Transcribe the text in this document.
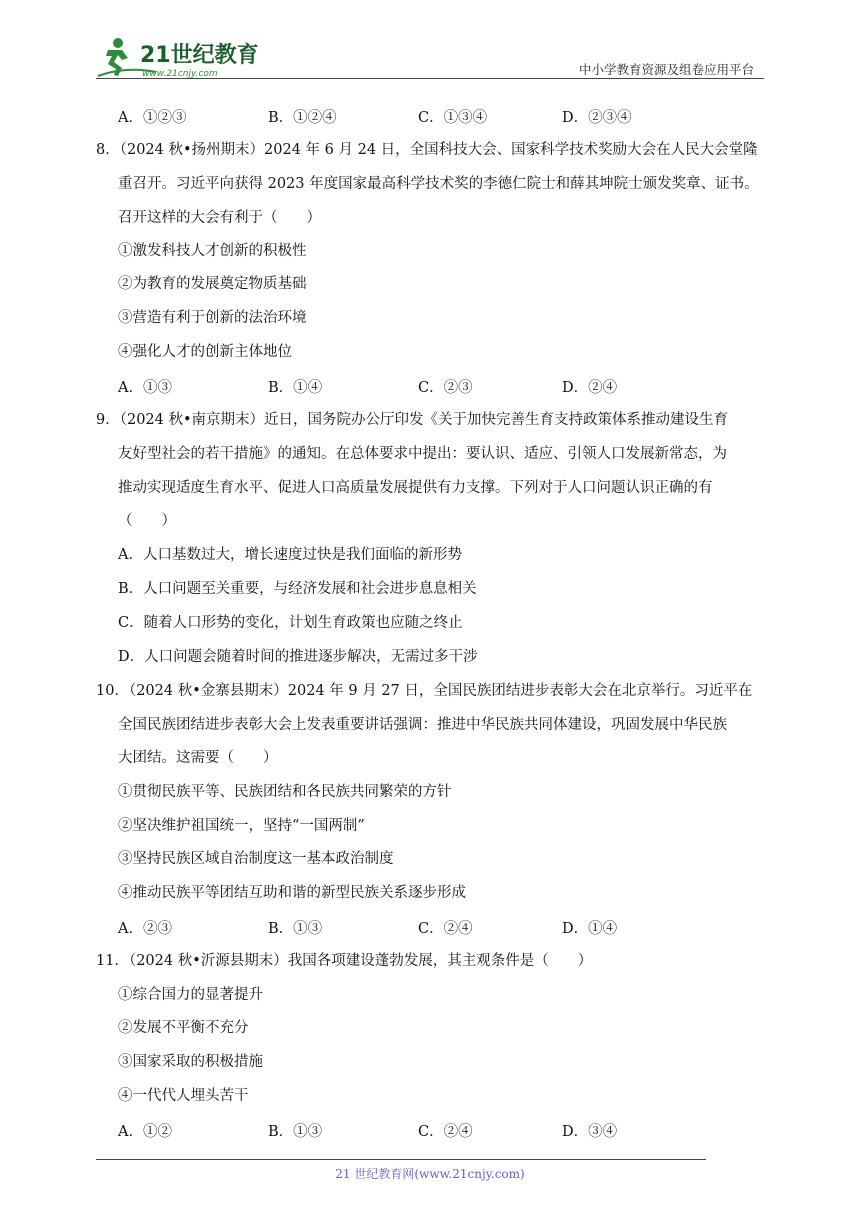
21世纪教育
www.21cnjy.com	中小学教育资源及组卷应用平台
A．①②③	B．①②④	C．①③④	D．②③④
8．（2024 秋•扬州期末）2024 年 6 月 24 日，全国科技大会、国家科学技术奖励大会在人民大会堂隆
重召开。习近平向获得 2023 年度国家最高科学技术奖的李德仁院士和薛其坤院士颁发奖章、证书。
召开这样的大会有利于（　　）
①激发科技人才创新的积极性
②为教育的发展奠定物质基础
③营造有利于创新的法治环境
④强化人才的创新主体地位
A．①③	B．①④	C．②③	D．②④
9．（2024 秋•南京期末）近日，国务院办公厅印发《关于加快完善生育支持政策体系推动建设生育
友好型社会的若干措施》的通知。在总体要求中提出：要认识、适应、引领人口发展新常态，为
推动实现适度生育水平、促进人口高质量发展提供有力支撑。下列对于人口问题认识正确的有
（　　）
A．人口基数过大，增长速度过快是我们面临的新形势
B．人口问题至关重要，与经济发展和社会进步息息相关
C．随着人口形势的变化，计划生育政策也应随之终止
D．人口问题会随着时间的推进逐步解决，无需过多干涉
10．（2024 秋•金寨县期末）2024 年 9 月 27 日，全国民族团结进步表彰大会在北京举行。习近平在
全国民族团结进步表彰大会上发表重要讲话强调：推进中华民族共同体建设，巩固发展中华民族
大团结。这需要（　　）
①贯彻民族平等、民族团结和各民族共同繁荣的方针
②坚决维护祖国统一，坚持“一国两制”
③坚持民族区域自治制度这一基本政治制度
④推动民族平等团结互助和谐的新型民族关系逐步形成
A．②③	B．①③	C．②④	D．①④
11．（2024 秋•沂源县期末）我国各项建设蓬勃发展，其主观条件是（　　）
①综合国力的显著提升
②发展不平衡不充分
③国家采取的积极措施
④一代代人埋头苦干
A．①②	B．①③	C．②④	D．③④
21 世纪教育网(www.21cnjy.com)
